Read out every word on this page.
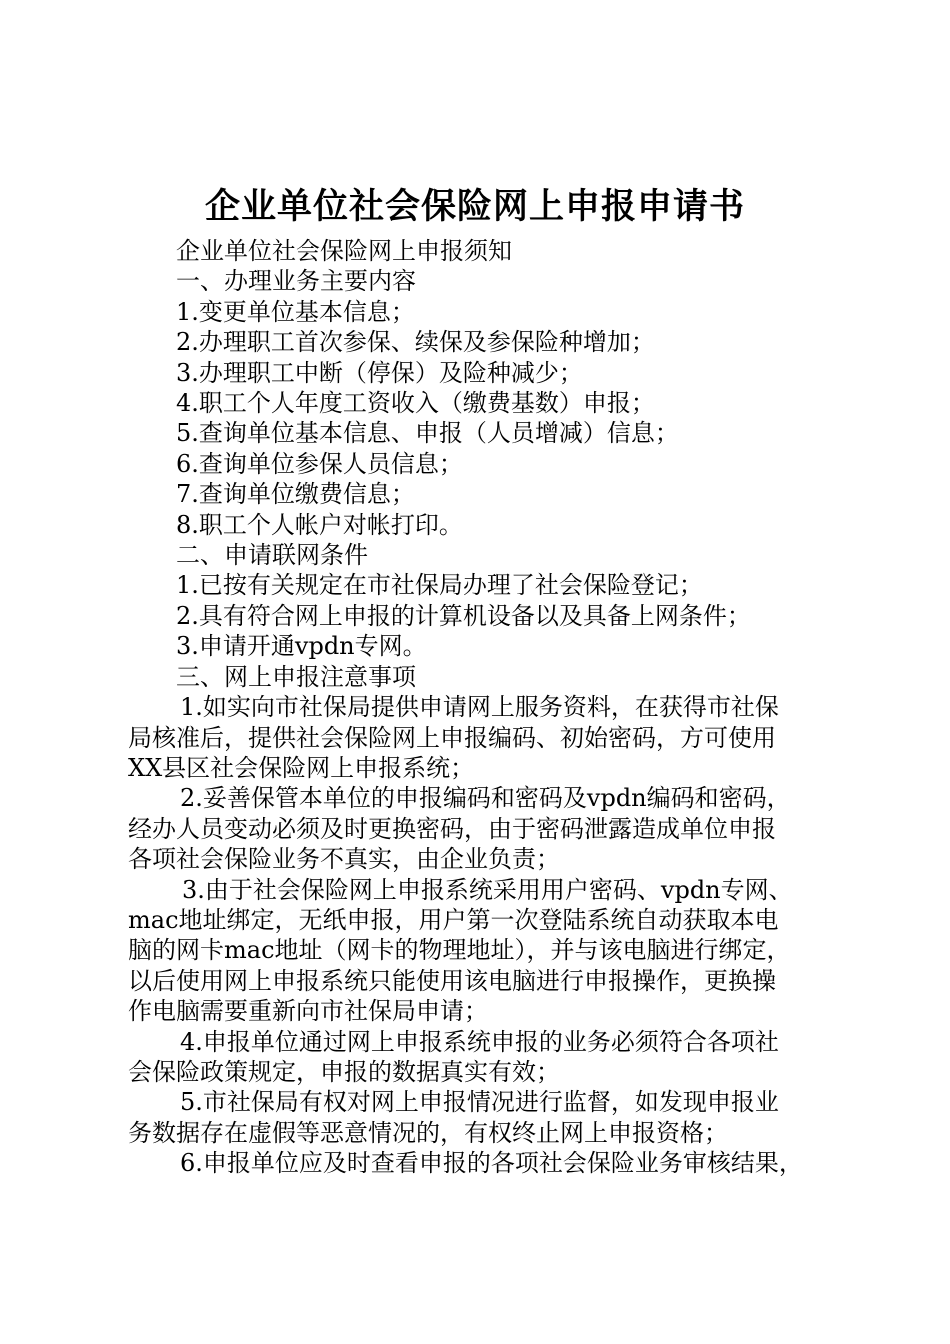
企业单位社会保险网上申报申请书
企业单位社会保险网上申报须知
一、办理业务主要内容
1.变更单位基本信息；
2.办理职工首次参保、续保及参保险种增加；
3.办理职工中断（停保）及险种减少；
4.职工个人年度工资收入（缴费基数）申报；
5.查询单位基本信息、申报（人员增减）信息；
6.查询单位参保人员信息；
7.查询单位缴费信息；
8.职工个人帐户对帐打印。
二、申请联网条件
1.已按有关规定在市社保局办理了社会保险登记；
2.具有符合网上申报的计算机设备以及具备上网条件；
3.申请开通vpdn专网。
三、网上申报注意事项
1.如实向市社保局提供申请网上服务资料，在获得市社保
局核准后，提供社会保险网上申报编码、初始密码，方可使用
XX县区社会保险网上申报系统；
2.妥善保管本单位的申报编码和密码及vpdn编码和密码，
经办人员变动必须及时更换密码，由于密码泄露造成单位申报
各项社会保险业务不真实，由企业负责；
3.由于社会保险网上申报系统采用用户密码、vpdn专网、
mac地址绑定，无纸申报，用户第一次登陆系统自动获取本电
脑的网卡mac地址（网卡的物理地址），并与该电脑进行绑定，
以后使用网上申报系统只能使用该电脑进行申报操作，更换操
作电脑需要重新向市社保局申请；
4.申报单位通过网上申报系统申报的业务必须符合各项社
会保险政策规定，申报的数据真实有效；
5.市社保局有权对网上申报情况进行监督，如发现申报业
务数据存在虚假等恶意情况的，有权终止网上申报资格；
6.申报单位应及时查看申报的各项社会保险业务审核结果，
